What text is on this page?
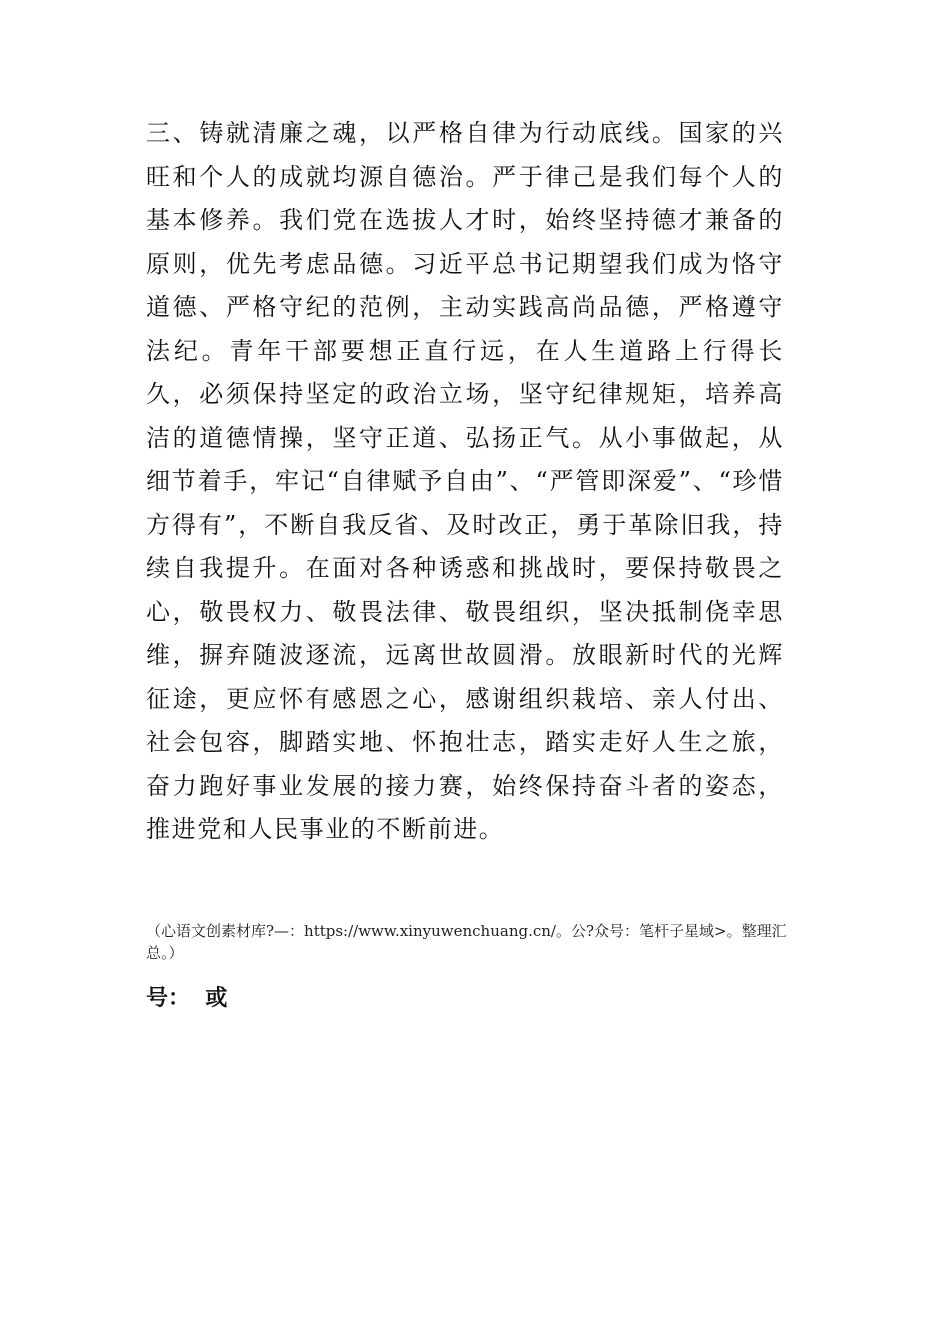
三、铸就清廉之魂，以严格自律为行动底线。国家的兴旺和个人的成就均源自德治。严于律己是我们每个人的基本修养。我们党在选拔人才时，始终坚持德才兼备的原则，优先考虑品德。习近平总书记期望我们成为恪守道德、严格守纪的范例，主动实践高尚品德，严格遵守法纪。青年干部要想正直行远，在人生道路上行得长久，必须保持坚定的政治立场，坚守纪律规矩，培养高洁的道德情操，坚守正道、弘扬正气。从小事做起，从细节着手，牢记“自律赋予自由”、“严管即深爱”、“珍惜方得有”，不断自我反省、及时改正，勇于革除旧我，持续自我提升。在面对各种诱惑和挑战时，要保持敬畏之心，敬畏权力、敬畏法律、敬畏组织，坚决抵制侥幸思维，摒弃随波逐流，远离世故圆滑。放眼新时代的光辉征途，更应怀有感恩之心，感谢组织栽培、亲人付出、社会包容，脚踏实地、怀抱壮志，踏实走好人生之旅，奋力跑好事业发展的接力赛，始终保持奋斗者的姿态，推进党和人民事业的不断前进。

（心语文创素材库?—：https://www.xinyuwenchuang.cn/。公?众号：笔杆子星域>。整理汇总。）

号：  或
